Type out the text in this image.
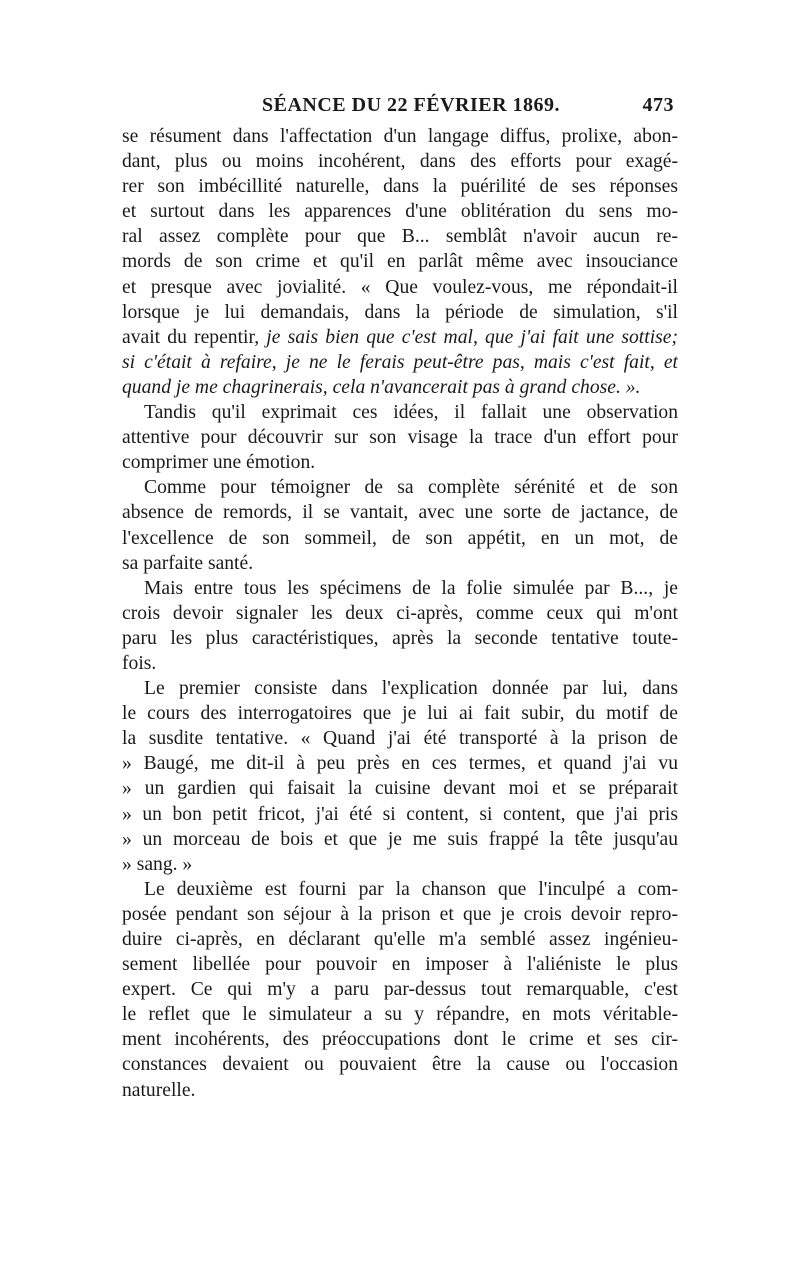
SÉANCE DU 22 FÉVRIER 1869.	473
se résument dans l'affectation d'un langage diffus, prolixe, abon-
dant, plus ou moins incohérent, dans des efforts pour exagé-
rer son imbécillité naturelle, dans la puérilité de ses réponses
et surtout dans les apparences d'une oblitération du sens mo-
ral assez complète pour que B... semblât n'avoir aucun re-
mords de son crime et qu'il en parlât même avec insouciance
et presque avec jovialité. « Que voulez-vous, me répondait-il
lorsque je lui demandais, dans la période de simulation, s'il
avait du repentir, je sais bien que c'est mal, que j'ai fait une sottise;
si c'était à refaire, je ne le ferais peut-être pas, mais c'est fait, et
quand je me chagrinerais, cela n'avancerait pas à grand chose. ».
Tandis qu'il exprimait ces idées, il fallait une observation
attentive pour découvrir sur son visage la trace d'un effort pour
comprimer une émotion.
Comme pour témoigner de sa complète sérénité et de son
absence de remords, il se vantait, avec une sorte de jactance, de
l'excellence de son sommeil, de son appétit, en un mot, de
sa parfaite santé.
Mais entre tous les spécimens de la folie simulée par B..., je
crois devoir signaler les deux ci-après, comme ceux qui m'ont
paru les plus caractéristiques, après la seconde tentative toute-
fois.
Le premier consiste dans l'explication donnée par lui, dans
le cours des interrogatoires que je lui ai fait subir, du motif de
la susdite tentative. « Quand j'ai été transporté à la prison de
» Baugé, me dit-il à peu près en ces termes, et quand j'ai vu
» un gardien qui faisait la cuisine devant moi et se préparait
» un bon petit fricot, j'ai été si content, si content, que j'ai pris
» un morceau de bois et que je me suis frappé la tête jusqu'au
» sang. »
Le deuxième est fourni par la chanson que l'inculpé a com-
posée pendant son séjour à la prison et que je crois devoir repro-
duire ci-après, en déclarant qu'elle m'a semblé assez ingénieu-
sement libellée pour pouvoir en imposer à l'aliéniste le plus
expert. Ce qui m'y a paru par-dessus tout remarquable, c'est
le reflet que le simulateur a su y répandre, en mots véritable-
ment incohérents, des préoccupations dont le crime et ses cir-
constances devaient ou pouvaient être la cause ou l'occasion
naturelle.
